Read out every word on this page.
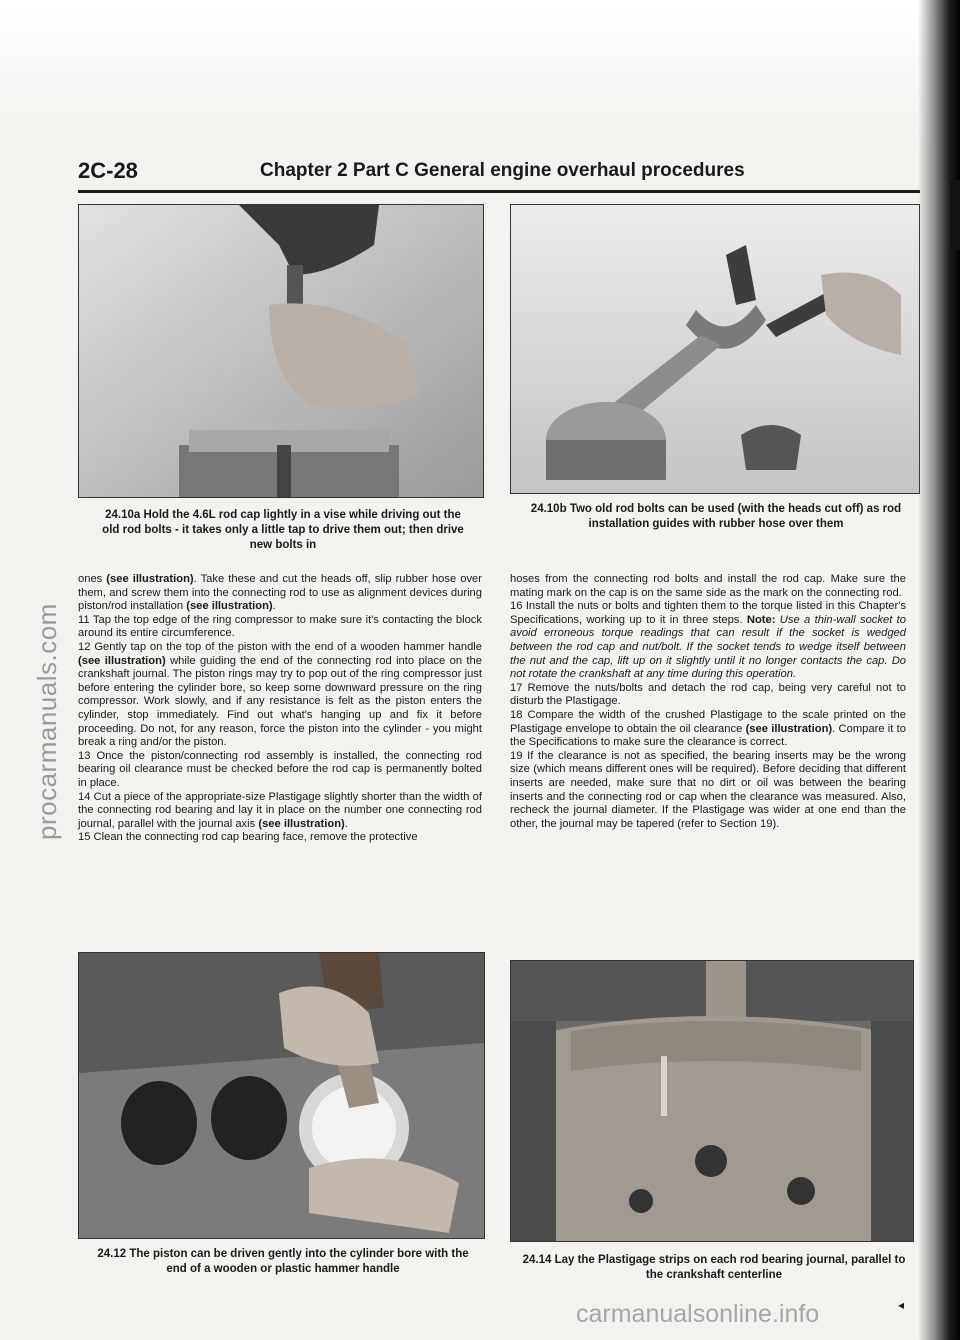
2C-28	Chapter 2 Part C General engine overhaul procedures
24.10a Hold the 4.6L rod cap lightly in a vise while driving out the old rod bolts - it takes only a little tap to drive them out; then drive new bolts in
24.10b Two old rod bolts can be used (with the heads cut off) as rod installation guides with rubber hose over them

ones (see illustration). Take these and cut the heads off, slip rubber hose over them, and screw them into the connecting rod to use as alignment devices during piston/rod installation (see illustration).

11 Tap the top edge of the ring compressor to make sure it's contacting the block around its entire circumference.

12 Gently tap on the top of the piston with the end of a wooden hammer handle (see illustration) while guiding the end of the connecting rod into place on the crankshaft journal. The piston rings may try to pop out of the ring compressor just before entering the cylinder bore, so keep some downward pressure on the ring compressor. Work slowly, and if any resistance is felt as the piston enters the cylinder, stop immediately. Find out what's hanging up and fix it before proceeding. Do not, for any reason, force the piston into the cylinder - you might break a ring and/or the piston.

13 Once the piston/connecting rod assembly is installed, the connecting rod bearing oil clearance must be checked before the rod cap is permanently bolted in place.

14 Cut a piece of the appropriate-size Plastigage slightly shorter than the width of the connecting rod bearing and lay it in place on the number one connecting rod journal, parallel with the journal axis (see illustration).

15 Clean the connecting rod cap bearing face, remove the protective

hoses from the connecting rod bolts and install the rod cap. Make sure the mating mark on the cap is on the same side as the mark on the connecting rod.

16 Install the nuts or bolts and tighten them to the torque listed in this Chapter's Specifications, working up to it in three steps. Note: Use a thin-wall socket to avoid erroneous torque readings that can result if the socket is wedged between the rod cap and nut/bolt. If the socket tends to wedge itself between the nut and the cap, lift up on it slightly until it no longer contacts the cap. Do not rotate the crankshaft at any time during this operation.

17 Remove the nuts/bolts and detach the rod cap, being very careful not to disturb the Plastigage.

18 Compare the width of the crushed Plastigage to the scale printed on the Plastigage envelope to obtain the oil clearance (see illustration). Compare it to the Specifications to make sure the clearance is correct.

19 If the clearance is not as specified, the bearing inserts may be the wrong size (which means different ones will be required). Before deciding that different inserts are needed, make sure that no dirt or oil was between the bearing inserts and the connecting rod or cap when the clearance was measured. Also, recheck the journal diameter. If the Plastigage was wider at one end than the other, the journal may be tapered (refer to Section 19).

24.12 The piston can be driven gently into the cylinder bore with the end of a wooden or plastic hammer handle
24.14 Lay the Plastigage strips on each rod bearing journal, parallel to the crankshaft centerline
◂
procarmanuals.com
carmanualsonline.info
